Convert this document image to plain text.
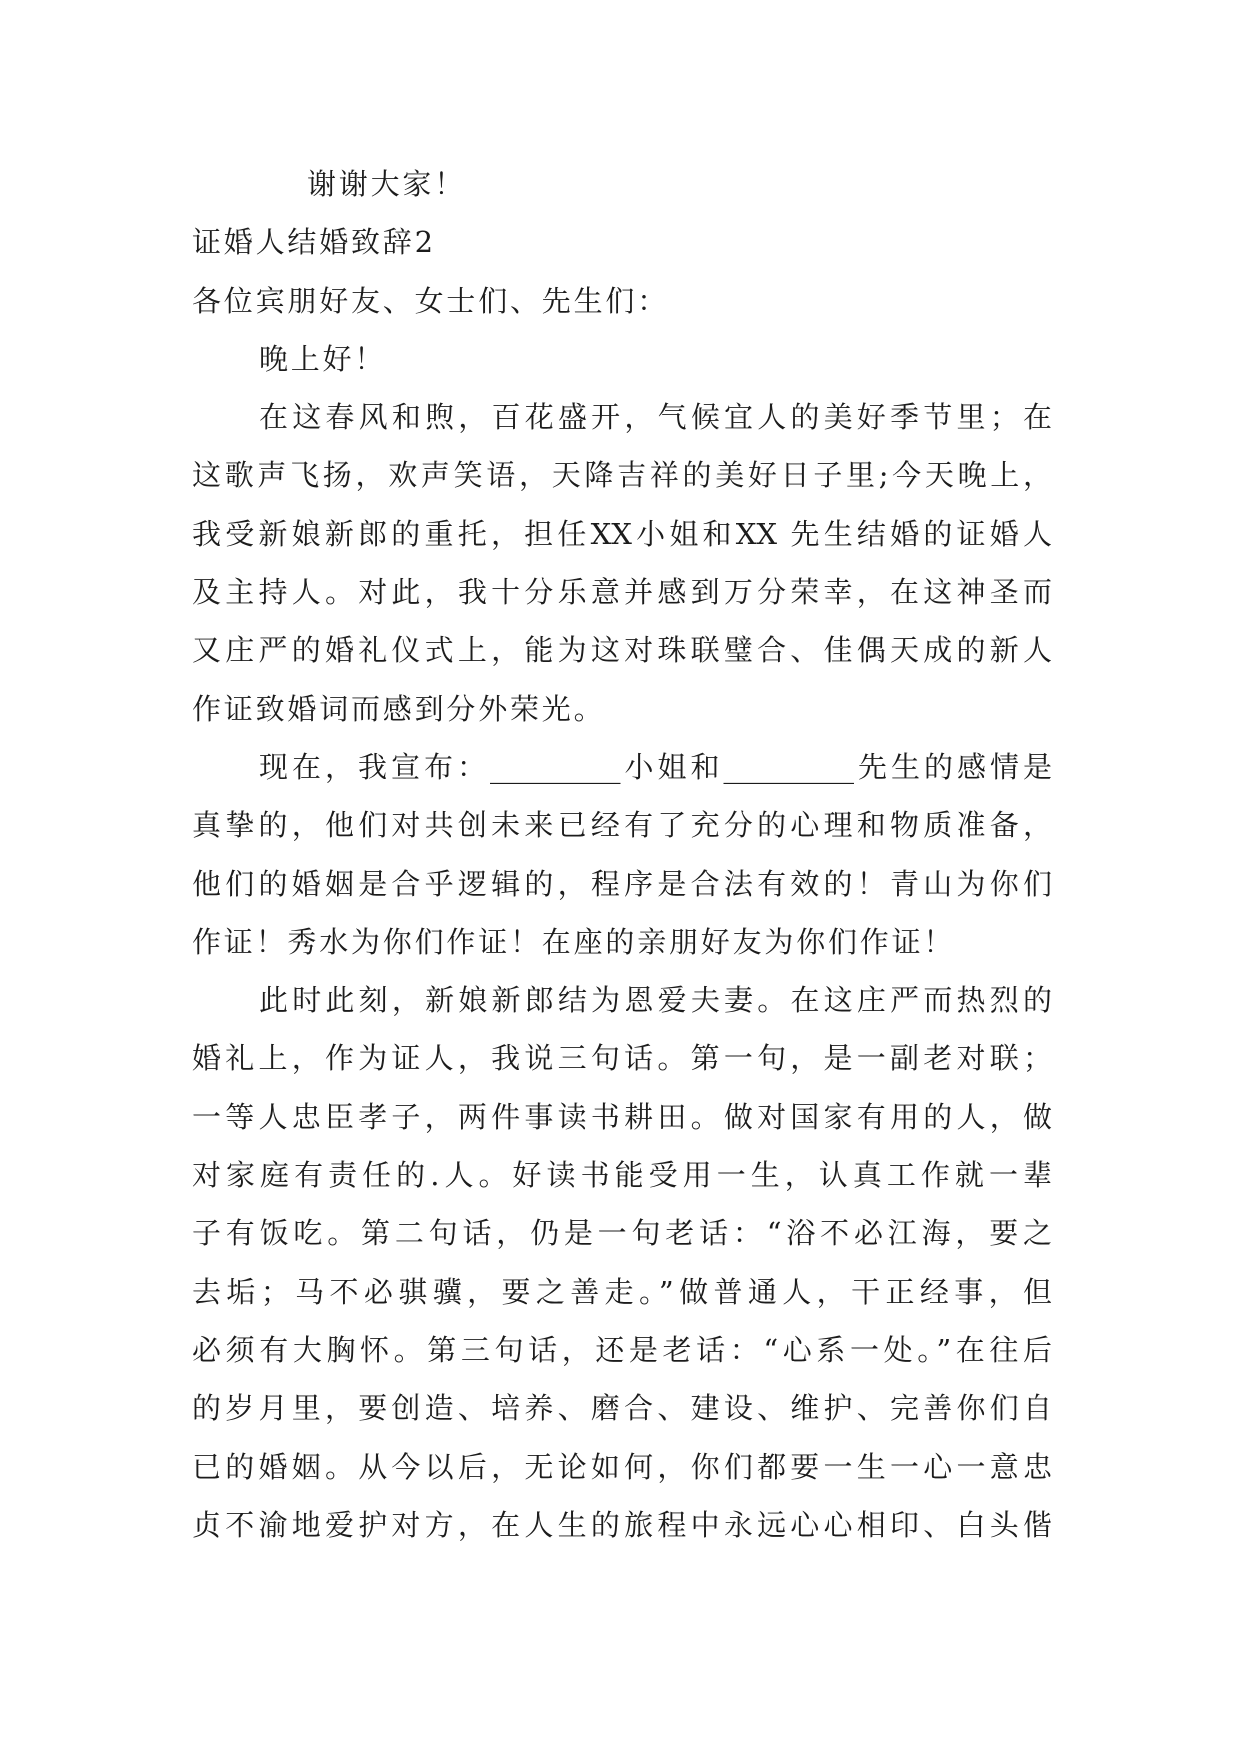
谢谢大家！
证婚人结婚致辞2
各位宾朋好友、女士们、先生们：
晚上好！
在这春风和煦，百花盛开，气候宜人的美好季节里；在
这歌声飞扬，欢声笑语，天降吉祥的美好日子里;今天晚上，
我受新娘新郎的重托，担任XX小姐和XX 先生结婚的证婚人
及主持人。对此，我十分乐意并感到万分荣幸，在这神圣而
又庄严的婚礼仪式上，能为这对珠联璧合、佳偶天成的新人
作证致婚词而感到分外荣光。
现在，我宣布：_________小姐和_________先生的感情是
真挚的，他们对共创未来已经有了充分的心理和物质准备，
他们的婚姻是合乎逻辑的，程序是合法有效的！青山为你们
作证！秀水为你们作证！在座的亲朋好友为你们作证！
此时此刻，新娘新郎结为恩爱夫妻。在这庄严而热烈的
婚礼上，作为证人，我说三句话。第一句，是一副老对联；
一等人忠臣孝子，两件事读书耕田。做对国家有用的人，做
对家庭有责任的.人。好读书能受用一生，认真工作就一辈
子有饭吃。第二句话，仍是一句老话：“浴不必江海，要之
去垢；马不必骐骥，要之善走。”做普通人，干正经事，但
必须有大胸怀。第三句话，还是老话：“心系一处。”在往后
的岁月里，要创造、培养、磨合、建设、维护、完善你们自
已的婚姻。从今以后，无论如何，你们都要一生一心一意忠
贞不渝地爱护对方，在人生的旅程中永远心心相印、白头偕
